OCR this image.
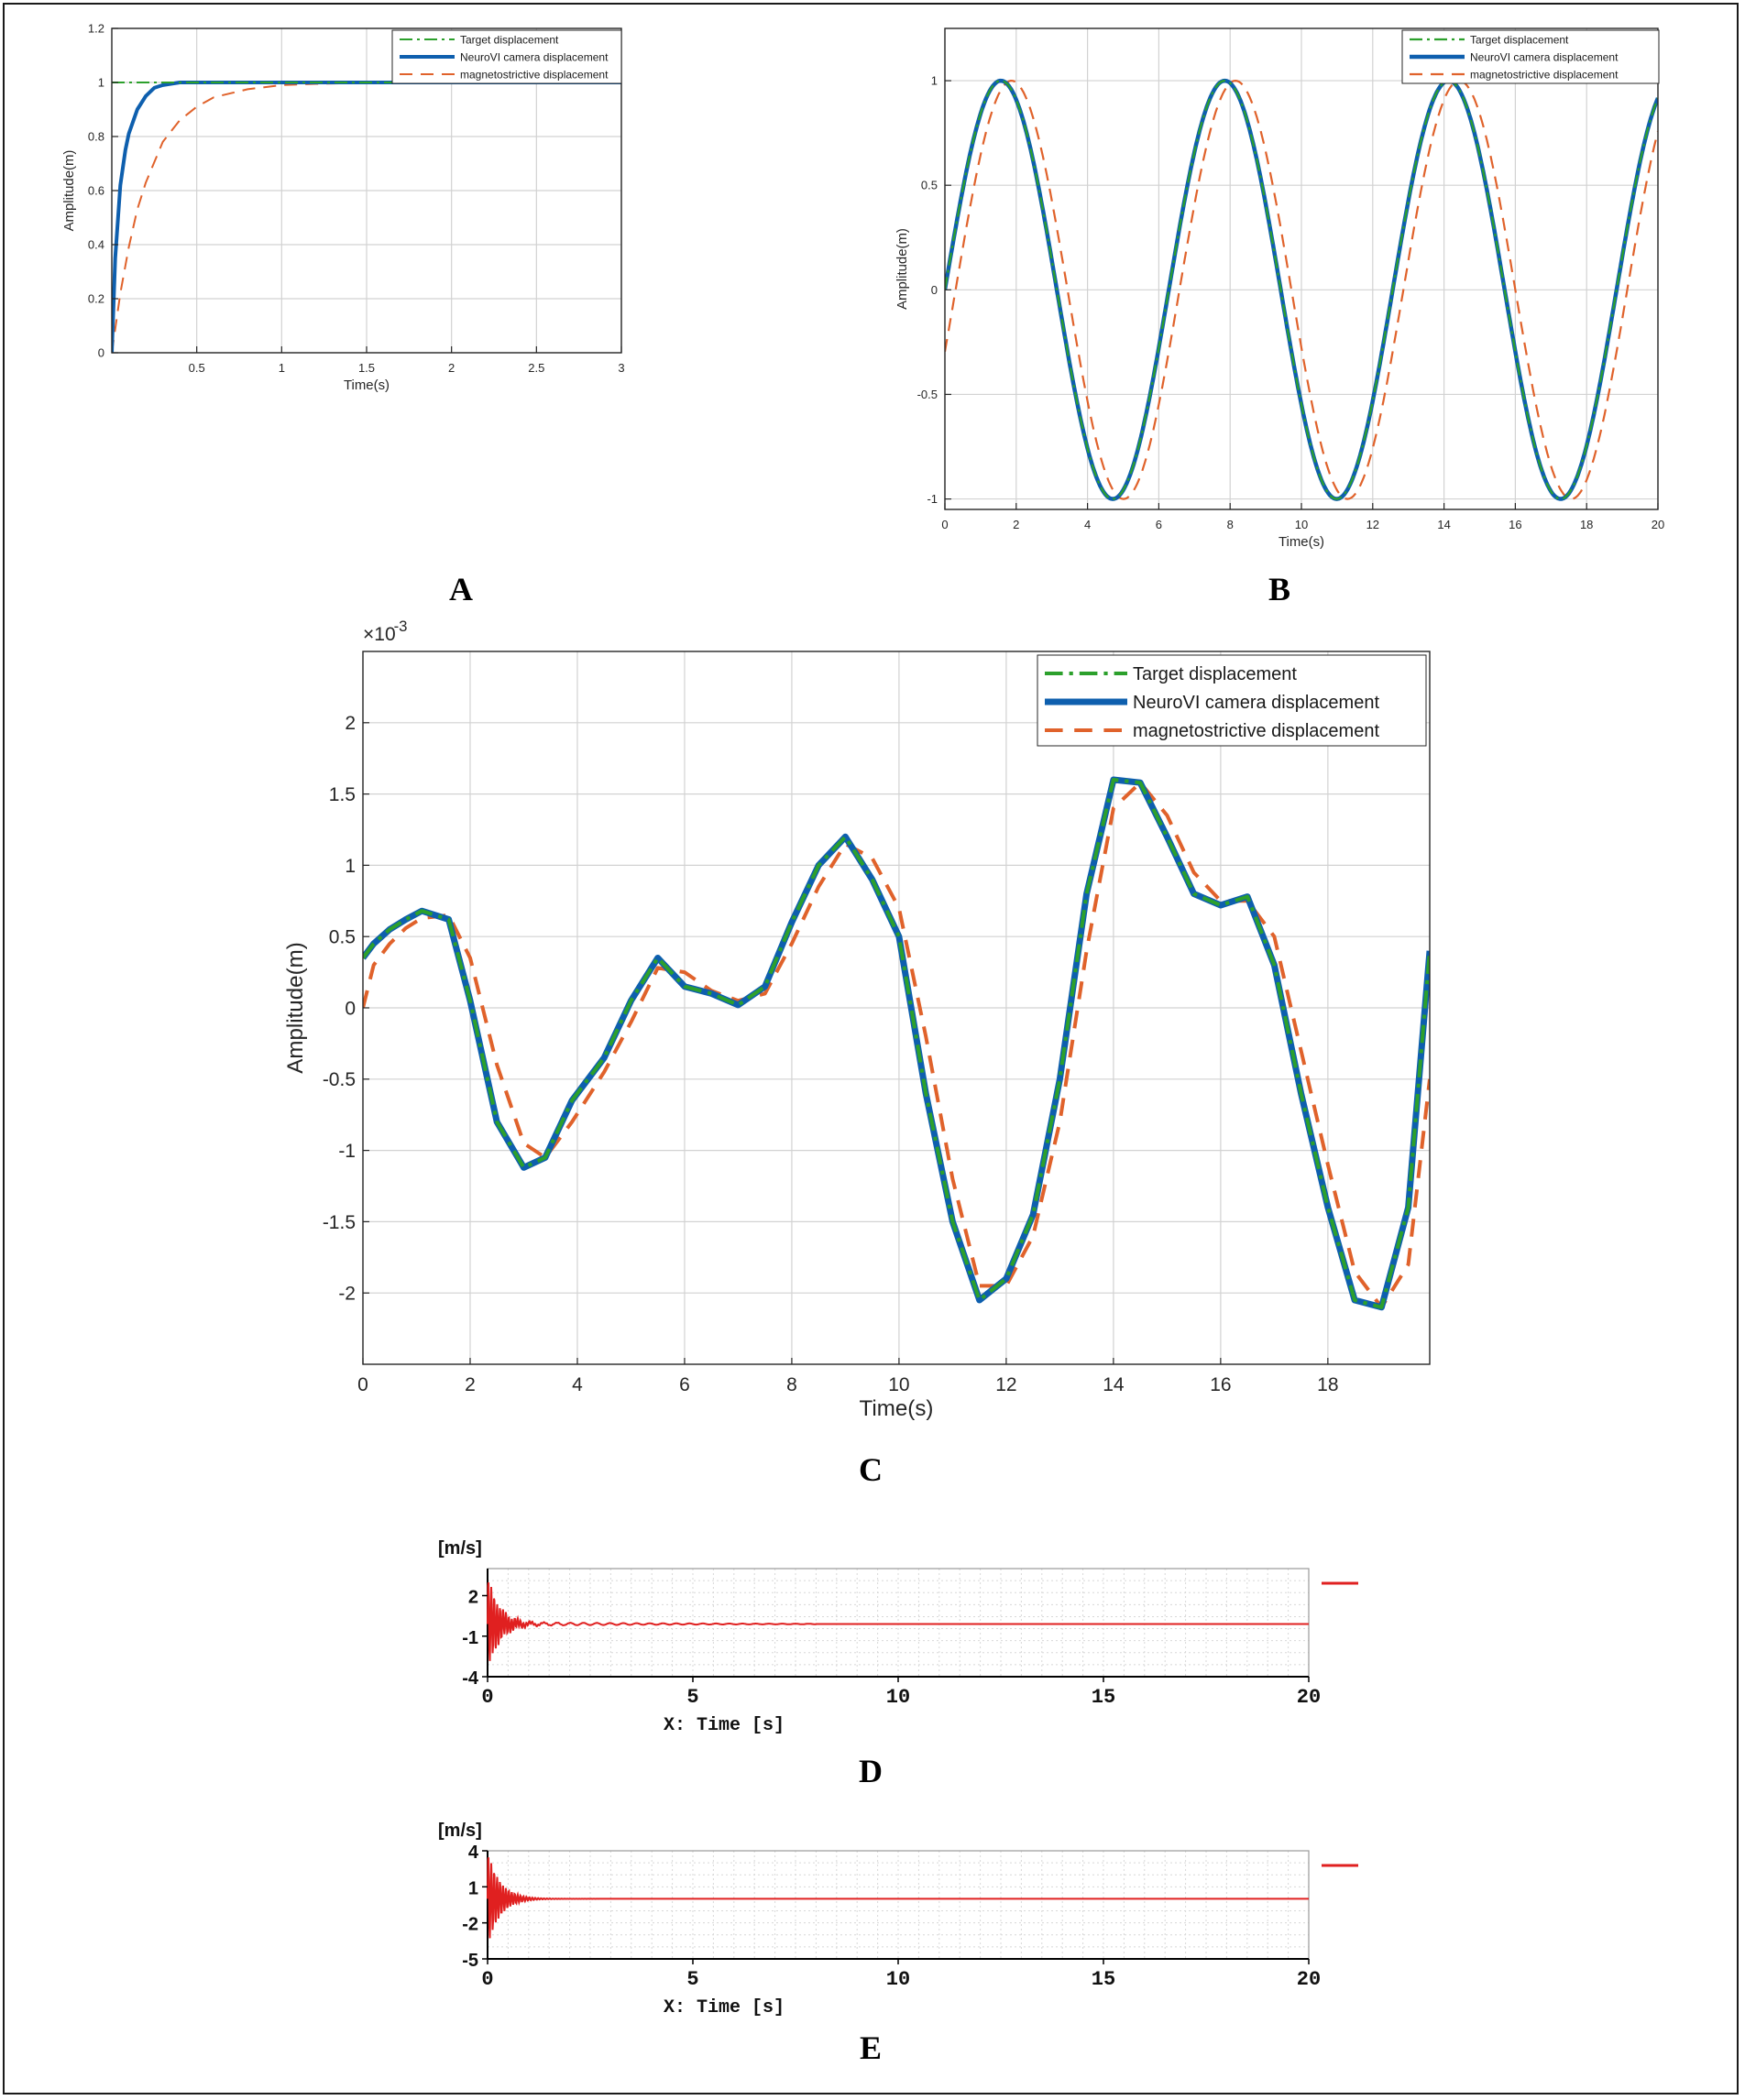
0.5	1	1.5	2	2.5	3
0
0.2
0.4
0.6
0.8
1
1.2
Time(s)
Amplitude(m)
Target displacement
NeuroVI camera displacement
magnetostrictive displacement
A
0	2	4	6	8	10	12	14	16	18	20
-1
-0.5
0
0.5
1
Time(s)
Amplitude(m)
Target displacement
NeuroVI camera displacement
magnetostrictive displacement
B
0	2	4	6	8	10	12	14	16	18
-2
-1.5
-1
-0.5
0
0.5
1
1.5
2
Time(s)
Amplitude(m)
×10
-3
Target displacement
NeuroVI camera displacement
magnetostrictive displacement
C
0	5	10	15	20
2
-1
-4
[m/s]
X: Time [s]
D
0	5	10	15	20
4
1
-2
-5
[m/s]
X: Time [s]
E
